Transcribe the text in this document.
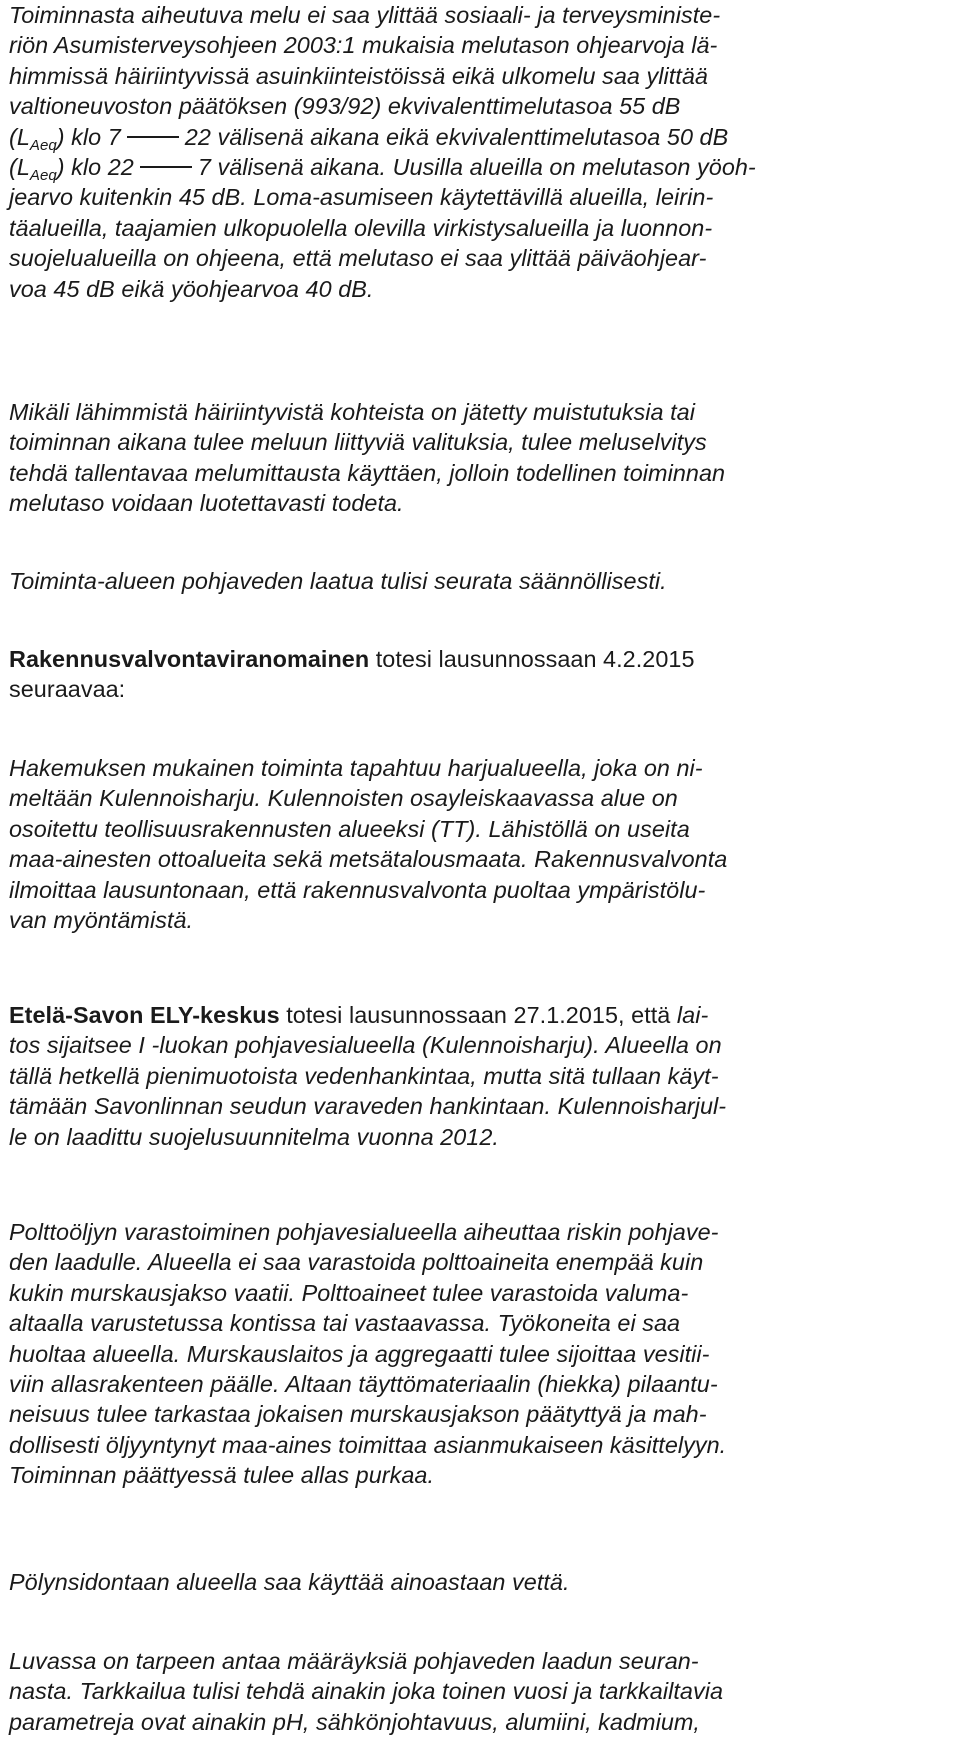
Toiminnasta aiheutuva melu ei saa ylittää sosiaali- ja terveysministe-
riön Asumisterveysohjeen 2003:1 mukaisia melutason ohjearvoja lä-
himmissä häiriintyvissä asuinkiinteistöissä eikä ulkomelu saa ylittää
valtioneuvoston päätöksen (993/92) ekvivalenttimelutasoa 55 dB
$(L_{Aeq})$ klo 7	22 välisenä aikana eikä ekvivalenttimelutasoa 50 dB
$(L_{Aeq})$ klo 22	7 välisenä aikana. Uusilla alueilla on melutason yöoh-
jearvo kuitenkin 45 dB. Loma-asumiseen käytettävillä alueilla, leirin-
täalueilla, taajamien ulkopuolella olevilla virkistysalueilla ja luonnon-
suojelualueilla on ohjeena, että melutaso ei saa ylittää päiväohjear-
voa 45 dB eikä yöohjearvoa 40 dB.

Mikäli lähimmistä häiriintyvistä kohteista on jätetty muistutuksia tai
toiminnan aikana tulee meluun liittyviä valituksia, tulee meluselvitys
tehdä tallentavaa melumittausta käyttäen, jolloin todellinen toiminnan
melutaso voidaan luotettavasti todeta.

Toiminta-alueen pohjaveden laatua tulisi seurata säännöllisesti.

Rakennusvalvontaviranomainen totesi lausunnossaan 4.2.2015
seuraavaa:

Hakemuksen mukainen toiminta tapahtuu harjualueella, joka on ni-
meltään Kulennoisharju. Kulennoisten osayleiskaavassa alue on
osoitettu teollisuusrakennusten alueeksi (TT). Lähistöllä on useita
maa-ainesten ottoalueita sekä metsätalousmaata. Rakennusvalvonta
ilmoittaa lausuntonaan, että rakennusvalvonta puoltaa ympäristölu-
van myöntämistä.

Etelä-Savon ELY-keskus totesi lausunnossaan 27.1.2015, että lai-
tos sijaitsee I -luokan pohjavesialueella (Kulennoisharju). Alueella on
tällä hetkellä pienimuotoista vedenhankintaa, mutta sitä tullaan käyt-
tämään Savonlinnan seudun varaveden hankintaan. Kulennoisharjul-
le on laadittu suojelusuunnitelma vuonna 2012.

Polttoöljyn varastoiminen pohjavesialueella aiheuttaa riskin pohjave-
den laadulle. Alueella ei saa varastoida polttoaineita enempää kuin
kukin murskausjakso vaatii. Polttoaineet tulee varastoida valuma-
altaalla varustetussa kontissa tai vastaavassa. Työkoneita ei saa
huoltaa alueella. Murskauslaitos ja aggregaatti tulee sijoittaa vesitii-
viin allasrakenteen päälle. Altaan täyttömateriaalin (hiekka) pilaantu-
neisuus tulee tarkastaa jokaisen murskausjakson päätyttyä ja mah-
dollisesti öljyyntynyt maa-aines toimittaa asianmukaiseen käsittelyyn.
Toiminnan päättyessä tulee allas purkaa.

Pölynsidontaan alueella saa käyttää ainoastaan vettä.

Luvassa on tarpeen antaa määräyksiä pohjaveden laadun seuran-
nasta. Tarkkailua tulisi tehdä ainakin joka toinen vuosi ja tarkkailtavia
parametreja ovat ainakin pH, sähkönjohtavuus, alumiini, kadmium,
